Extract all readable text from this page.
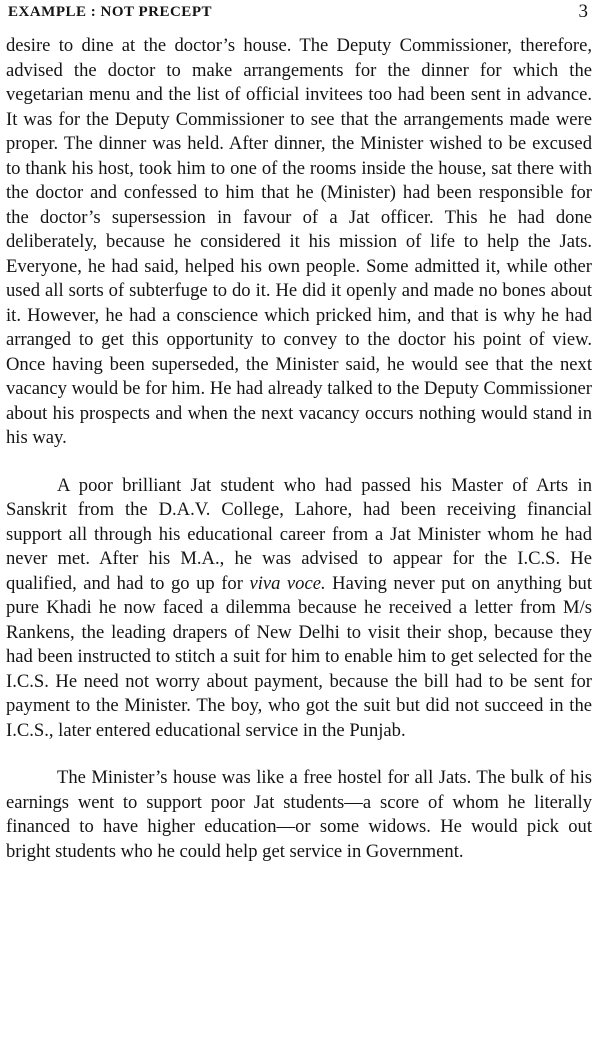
EXAMPLE : NOT PRECEPT	3

desire to dine at the doctor’s house. The Deputy Commissioner, therefore, advised the doctor to make arrangements for the dinner for which the vegetarian menu and the list of official invitees too had been sent in advance. It was for the Deputy Commissioner to see that the arrangements made were proper. The dinner was held. After dinner, the Minister wished to be excused to thank his host, took him to one of the rooms inside the house, sat there with the doctor and confessed to him that he (Minister) had been responsible for the doctor’s supersession in favour of a Jat officer. This he had done deliberately, because he considered it his mission of life to help the Jats. Everyone, he had said, helped his own people. Some admitted it, while other used all sorts of subterfuge to do it. He did it openly and made no bones about it. However, he had a conscience which pricked him, and that is why he had arranged to get this opportunity to convey to the doctor his point of view. Once having been superseded, the Minister said, he would see that the next vacancy would be for him. He had already talked to the Deputy Commissioner about his prospects and when the next vacancy occurs nothing would stand in his way.

A poor brilliant Jat student who had passed his Master of Arts in Sanskrit from the D.A.V. College, Lahore, had been receiving financial support all through his educational career from a Jat Minister whom he had never met. After his M.A., he was advised to appear for the I.C.S. He qualified, and had to go up for viva voce. Having never put on anything but pure Khadi he now faced a dilemma because he received a letter from M/s Rankens, the leading drapers of New Delhi to visit their shop, because they had been instructed to stitch a suit for him to enable him to get selected for the I.C.S. He need not worry about payment, because the bill had to be sent for payment to the Minister. The boy, who got the suit but did not succeed in the I.C.S., later entered educational service in the Punjab.

The Minister’s house was like a free hostel for all Jats. The bulk of his earnings went to support poor Jat students—a score of whom he literally financed to have higher education—or some widows. He would pick out bright students who he could help get service in Government.
